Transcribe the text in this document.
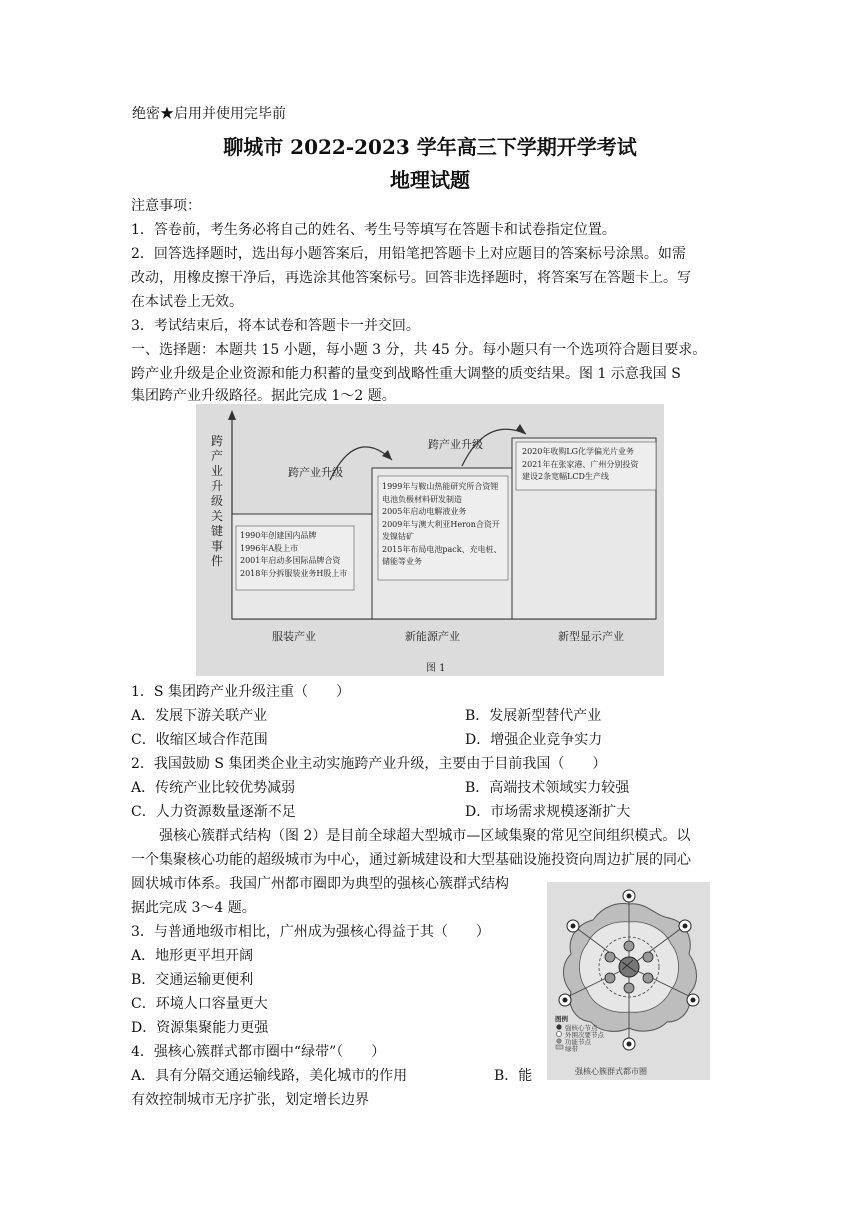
绝密★启用并使用完毕前
聊城市 2022-2023 学年高三下学期开学考试
地理试题
注意事项：
1．答卷前，考生务必将自己的姓名、考生号等填写在答题卡和试卷指定位置。
2．回答选择题时，选出每小题答案后，用铅笔把答题卡上对应题目的答案标号涂黑。如需
改动，用橡皮擦干净后，再选涂其他答案标号。回答非选择题时，将答案写在答题卡上。写
在本试卷上无效。
3．考试结束后，将本试卷和答题卡一并交回。
一、选择题：本题共 15 小题，每小题 3 分，共 45 分。每小题只有一个选项符合题目要求。
跨产业升级是企业资源和能力积蓄的量变到战略性重大调整的质变结果。图 1 示意我国 S
集团跨产业升级路径。据此完成 1～2 题。
跨
产
业
升
级
关
键
事
件
跨产业升级
跨产业升级
1990年创建国内品牌
1996年A股上市
2001年启动多国际品牌合资
2018年分拆服装业务H股上市
1999年与鞍山热能研究所合资锂
电池负极材料研发制造
2005年启动电解液业务
2009年与澳大利亚Heron合资开
发镍钴矿
2015年布局电池pack、充电桩、
储能等业务
2020年收购LG化学偏光片业务
2021年在张家港、广州分别投资
建设2条宽幅LCD生产线
服装产业	新能源产业	新型显示产业
图 1
1．S 集团跨产业升级注重（　　）
A．发展下游关联产业	B．发展新型替代产业
C．收缩区域合作范围	D．增强企业竞争实力
2．我国鼓励 S 集团类企业主动实施跨产业升级，主要由于目前我国（　　）
A．传统产业比较优势减弱	B．高端技术领域实力较强
C．人力资源数量逐渐不足	D．市场需求规模逐渐扩大
强核心簇群式结构（图 2）是目前全球超大型城市—区域集聚的常见空间组织模式。以
一个集聚核心功能的超级城市为中心，通过新城建设和大型基础设施投资向周边扩展的同心
圆状城市体系。我国广州都市圈即为典型的强核心簇群式结构
据此完成 3～4 题。
3．与普通地级市相比，广州成为强核心得益于其（　　）
A．地形更平坦开阔
B．交通运输更便利
C．环境人口容量更大
D．资源集聚能力更强
4．强核心簇群式都市圈中“绿带”（　　）
A．具有分隔交通运输线路，美化城市的作用	B．能
有效控制城市无序扩张，划定增长边界
图例
强核心节点
外围次要节点
功能节点
绿带
强核心簇群式都市圈
